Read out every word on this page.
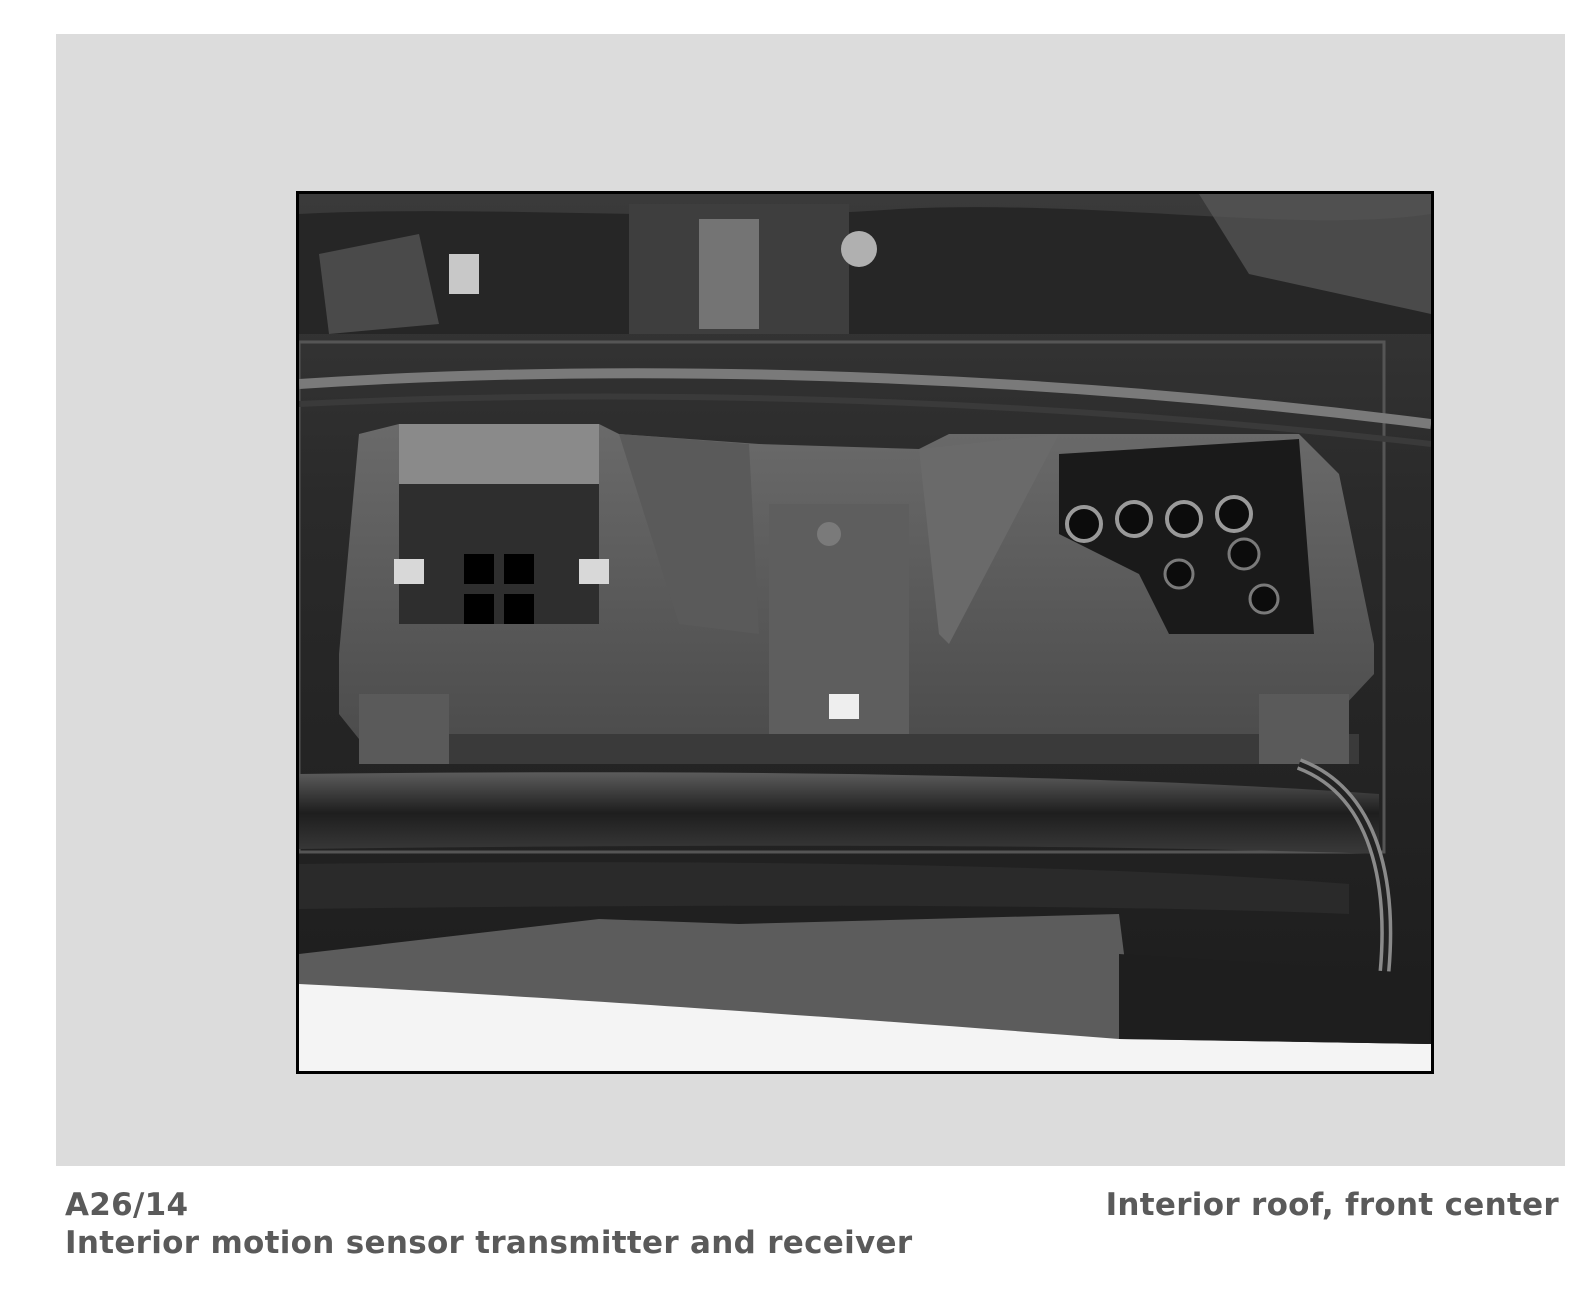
A26/14
Interior motion sensor transmitter and receiver
Interior roof, front center
